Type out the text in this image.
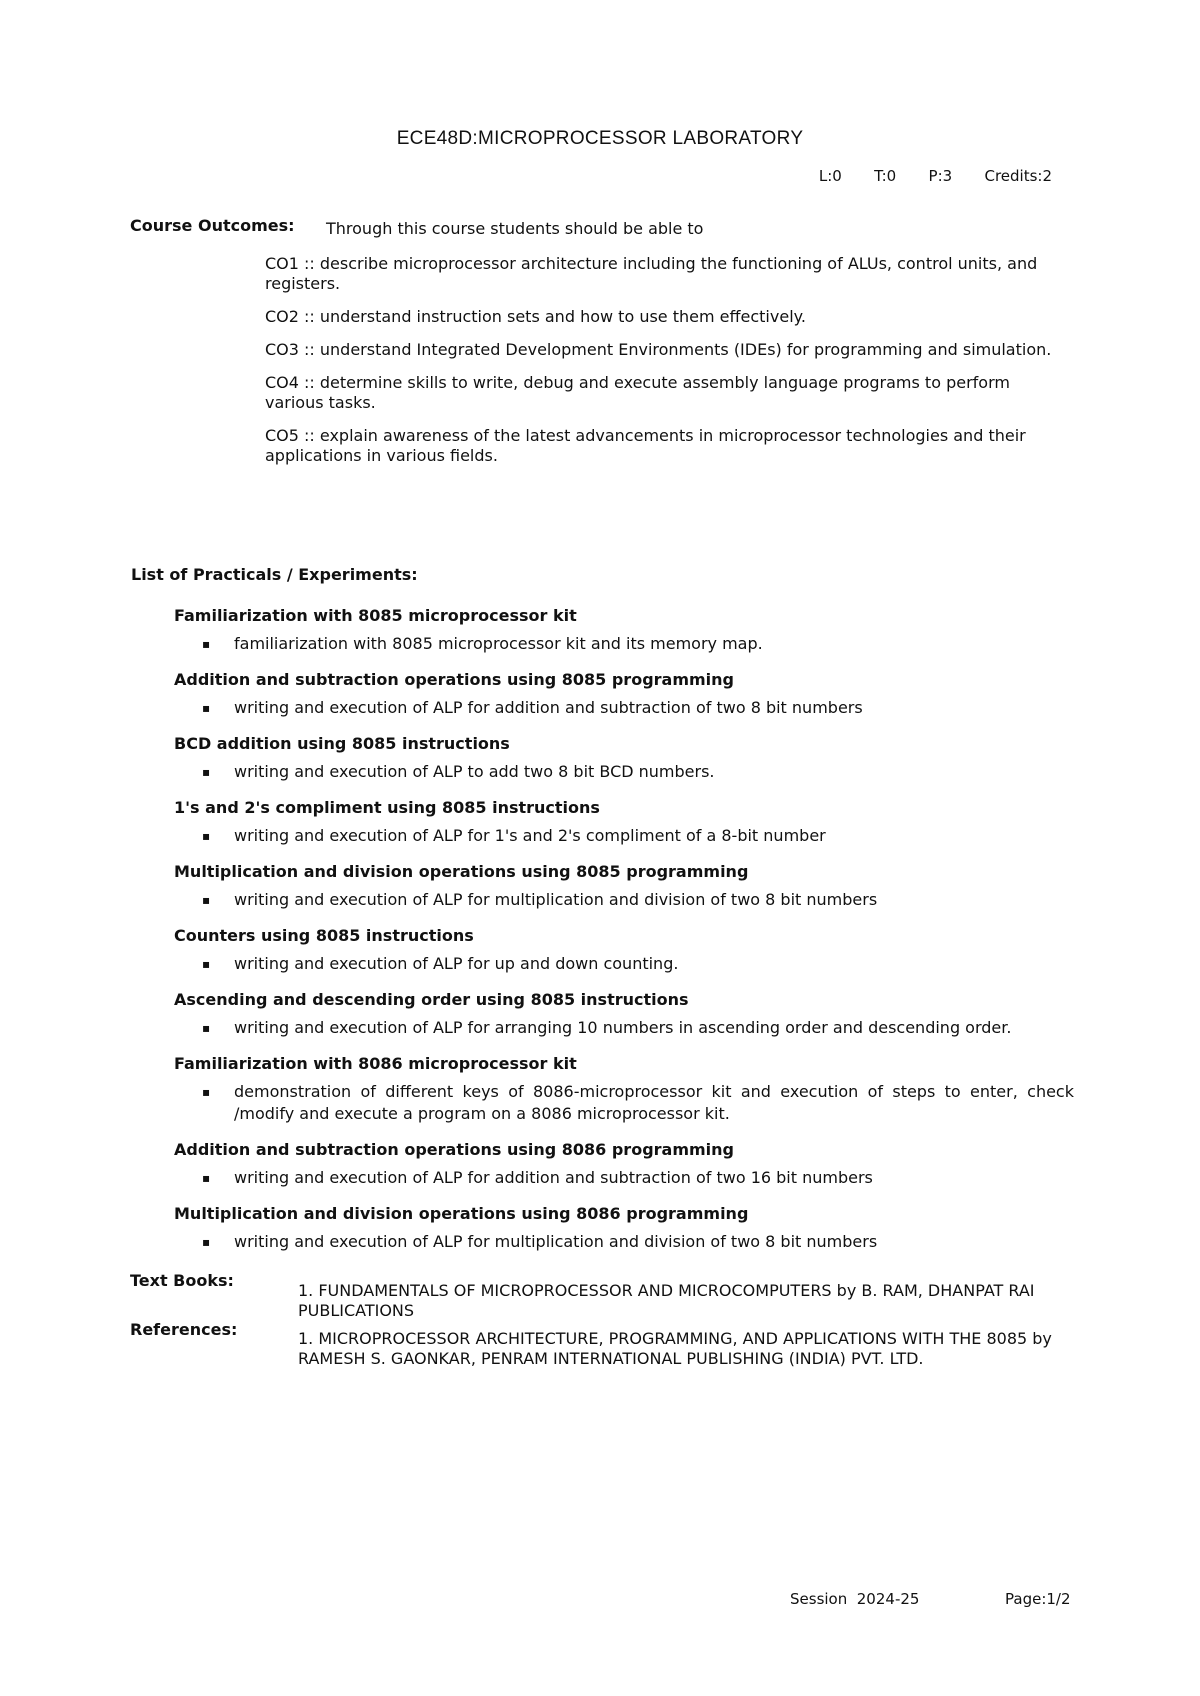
ECE48D:MICROPROCESSOR LABORATORY
L:0   T:0   P:3   Credits:2
Course Outcomes: Through this course students should be able to
CO1 :: describe microprocessor architecture including the functioning of ALUs, control units, and registers.
CO2 :: understand instruction sets and how to use them effectively.
CO3 :: understand Integrated Development Environments (IDEs) for programming and simulation.
CO4 :: determine skills to write, debug and execute assembly language programs to perform various tasks.
CO5 :: explain awareness of the latest advancements in microprocessor technologies and their applications in various fields.
List of Practicals / Experiments:
Familiarization with 8085 microprocessor kit
▪ familiarization with 8085 microprocessor kit and its memory map.
Addition and subtraction operations using 8085 programming
▪ writing and execution of ALP for addition and subtraction of two 8 bit numbers
BCD addition using 8085 instructions
▪ writing and execution of ALP to add two 8 bit BCD numbers.
1's and 2's compliment using 8085 instructions
▪ writing and execution of ALP for 1's and 2's compliment of a 8-bit number
Multiplication and division operations using 8085 programming
▪ writing and execution of ALP for multiplication and division of two 8 bit numbers
Counters using 8085 instructions
▪ writing and execution of ALP for up and down counting.
Ascending and descending order using 8085 instructions
▪ writing and execution of ALP for arranging 10 numbers in ascending order and descending order.
Familiarization with 8086 microprocessor kit
▪ demonstration of different keys of 8086-microprocessor kit and execution of steps to enter, check /modify and execute a program on a 8086 microprocessor kit.
Addition and subtraction operations using 8086 programming
▪ writing and execution of ALP for addition and subtraction of two 16 bit numbers
Multiplication and division operations using 8086 programming
▪ writing and execution of ALP for multiplication and division of two 8 bit numbers
Text Books:
1. FUNDAMENTALS OF MICROPROCESSOR AND MICROCOMPUTERS by B. RAM, DHANPAT RAI PUBLICATIONS
References:	1. MICROPROCESSOR ARCHITECTURE, PROGRAMMING, AND APPLICATIONS WITH THE 8085 by RAMESH S. GAONKAR, PENRAM INTERNATIONAL PUBLISHING (INDIA) PVT. LTD.
Session  2024-25	Page:1/2
